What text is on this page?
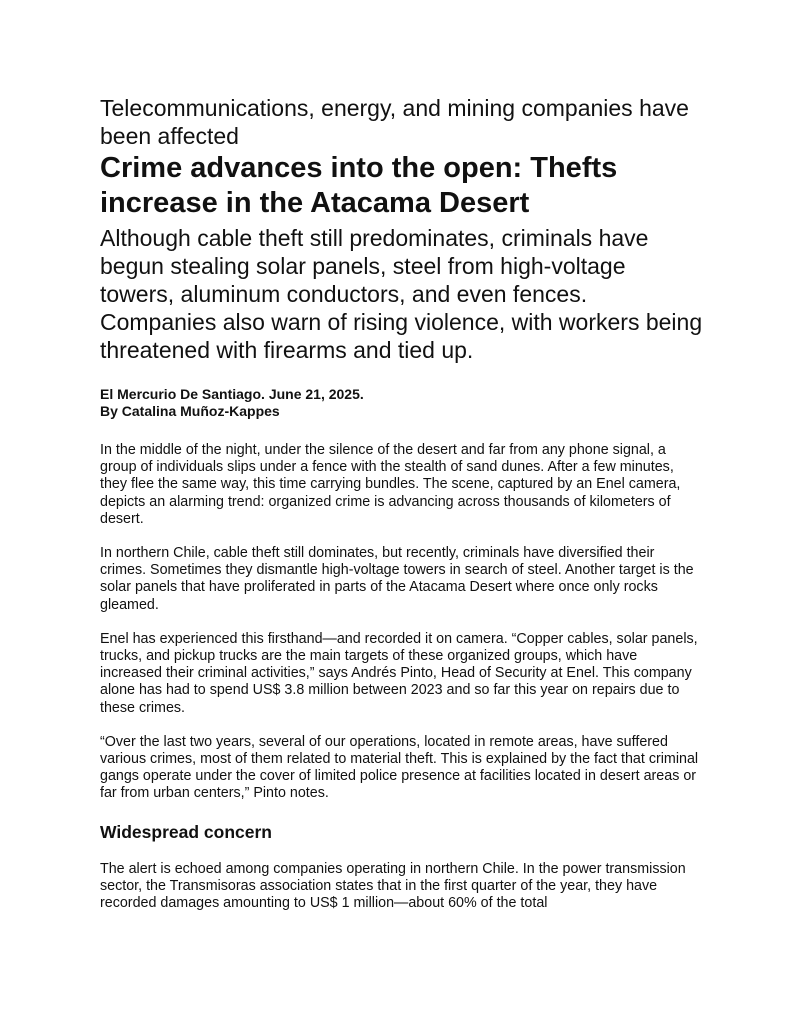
Telecommunications, energy, and mining companies have been affected
Crime advances into the open: Thefts increase in the Atacama Desert

Although cable theft still predominates, criminals have begun stealing solar panels, steel from high-voltage towers, aluminum conductors, and even fences. Companies also warn of rising violence, with workers being threatened with firearms and tied up.

El Mercurio De Santiago. June 21, 2025.
By Catalina Muñoz-Kappes

In the middle of the night, under the silence of the desert and far from any phone signal, a group of individuals slips under a fence with the stealth of sand dunes. After a few minutes, they flee the same way, this time carrying bundles. The scene, captured by an Enel camera, depicts an alarming trend: organized crime is advancing across thousands of kilometers of desert.

In northern Chile, cable theft still dominates, but recently, criminals have diversified their crimes. Sometimes they dismantle high-voltage towers in search of steel. Another target is the solar panels that have proliferated in parts of the Atacama Desert where once only rocks gleamed.

Enel has experienced this firsthand—and recorded it on camera. “Copper cables, solar panels, trucks, and pickup trucks are the main targets of these organized groups, which have increased their criminal activities,” says Andrés Pinto, Head of Security at Enel. This company alone has had to spend US$ 3.8 million between 2023 and so far this year on repairs due to these crimes.

“Over the last two years, several of our operations, located in remote areas, have suffered various crimes, most of them related to material theft. This is explained by the fact that criminal gangs operate under the cover of limited police presence at facilities located in desert areas or far from urban centers,” Pinto notes.

Widespread concern

The alert is echoed among companies operating in northern Chile. In the power transmission sector, the Transmisoras association states that in the first quarter of the year, they have recorded damages amounting to US$ 1 million—about 60% of the total
